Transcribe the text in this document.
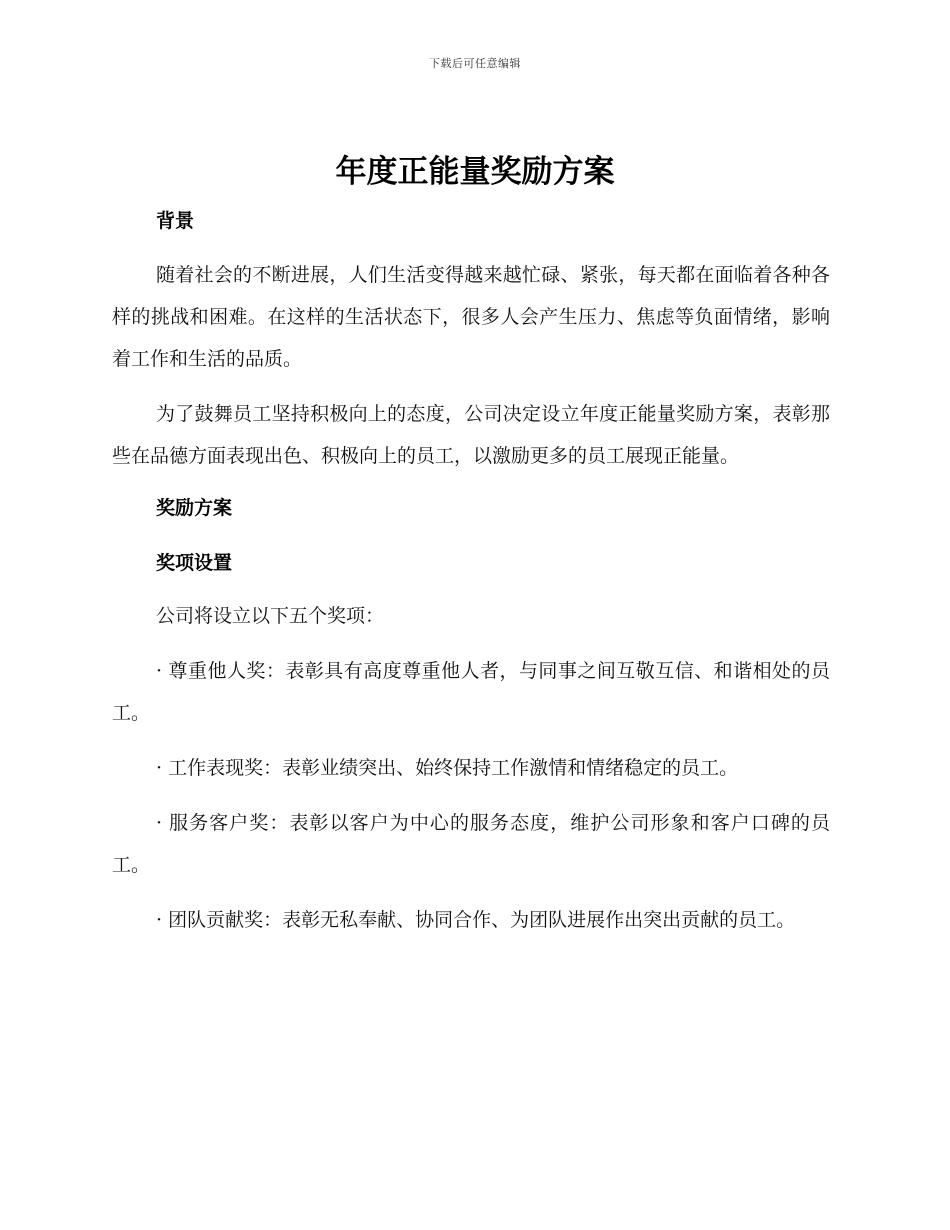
下载后可任意编辑
年度正能量奖励方案

背景

随着社会的不断进展，人们生活变得越来越忙碌、紧张，每天都在面临着各种各样的挑战和困难。在这样的生活状态下，很多人会产生压力、焦虑等负面情绪，影响着工作和生活的品质。

为了鼓舞员工坚持积极向上的态度，公司决定设立年度正能量奖励方案，表彰那些在品德方面表现出色、积极向上的员工，以激励更多的员工展现正能量。

奖励方案

奖项设置

公司将设立以下五个奖项：

· 尊重他人奖：表彰具有高度尊重他人者，与同事之间互敬互信、和谐相处的员工。

· 工作表现奖：表彰业绩突出、始终保持工作激情和情绪稳定的员工。

· 服务客户奖：表彰以客户为中心的服务态度，维护公司形象和客户口碑的员工。

· 团队贡献奖：表彰无私奉献、协同合作、为团队进展作出突出贡献的员工。
